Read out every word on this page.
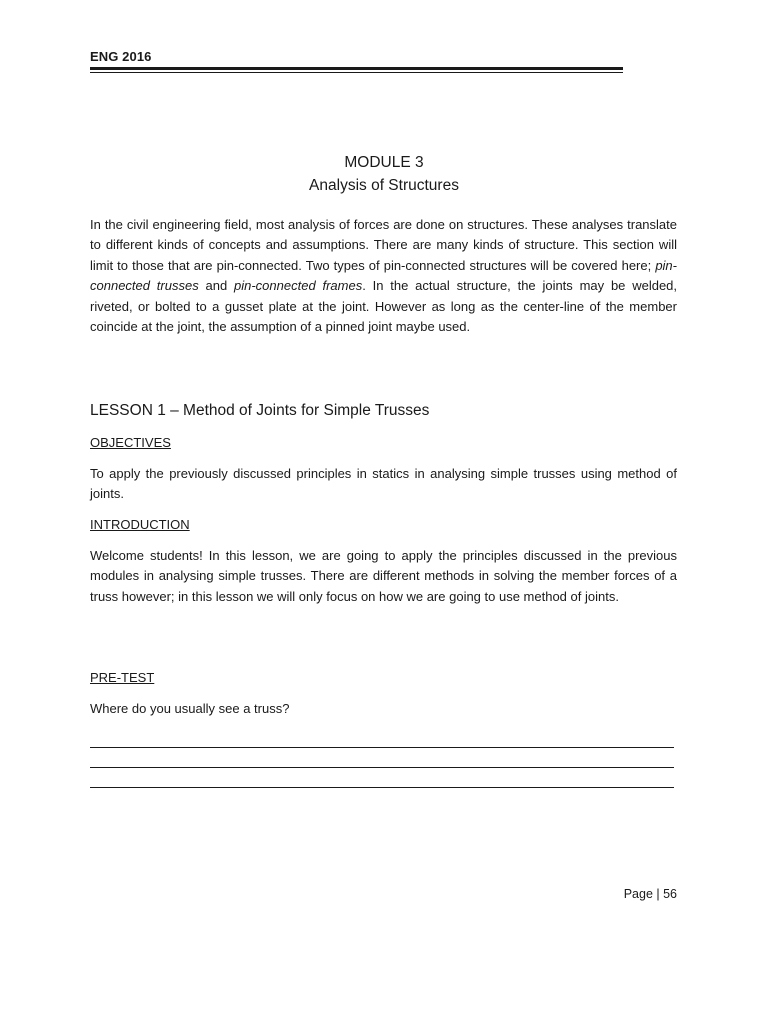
ENG 2016
MODULE 3
Analysis of Structures
In the civil engineering field, most analysis of forces are done on structures. These analyses translate to different kinds of concepts and assumptions. There are many kinds of structure. This section will limit to those that are pin-connected. Two types of pin-connected structures will be covered here; pin-connected trusses and pin-connected frames. In the actual structure, the joints may be welded, riveted, or bolted to a gusset plate at the joint. However as long as the center-line of the member coincide at the joint, the assumption of a pinned joint maybe used.
LESSON 1 – Method of Joints for Simple Trusses
OBJECTIVES
To apply the previously discussed principles in statics in analysing simple trusses using method of joints.
INTRODUCTION
Welcome students! In this lesson, we are going to apply the principles discussed in the previous modules in analysing simple trusses. There are different methods in solving the member forces of a truss however; in this lesson we will only focus on how we are going to use method of joints.
PRE-TEST
Where do you usually see a truss?
Page | 56
